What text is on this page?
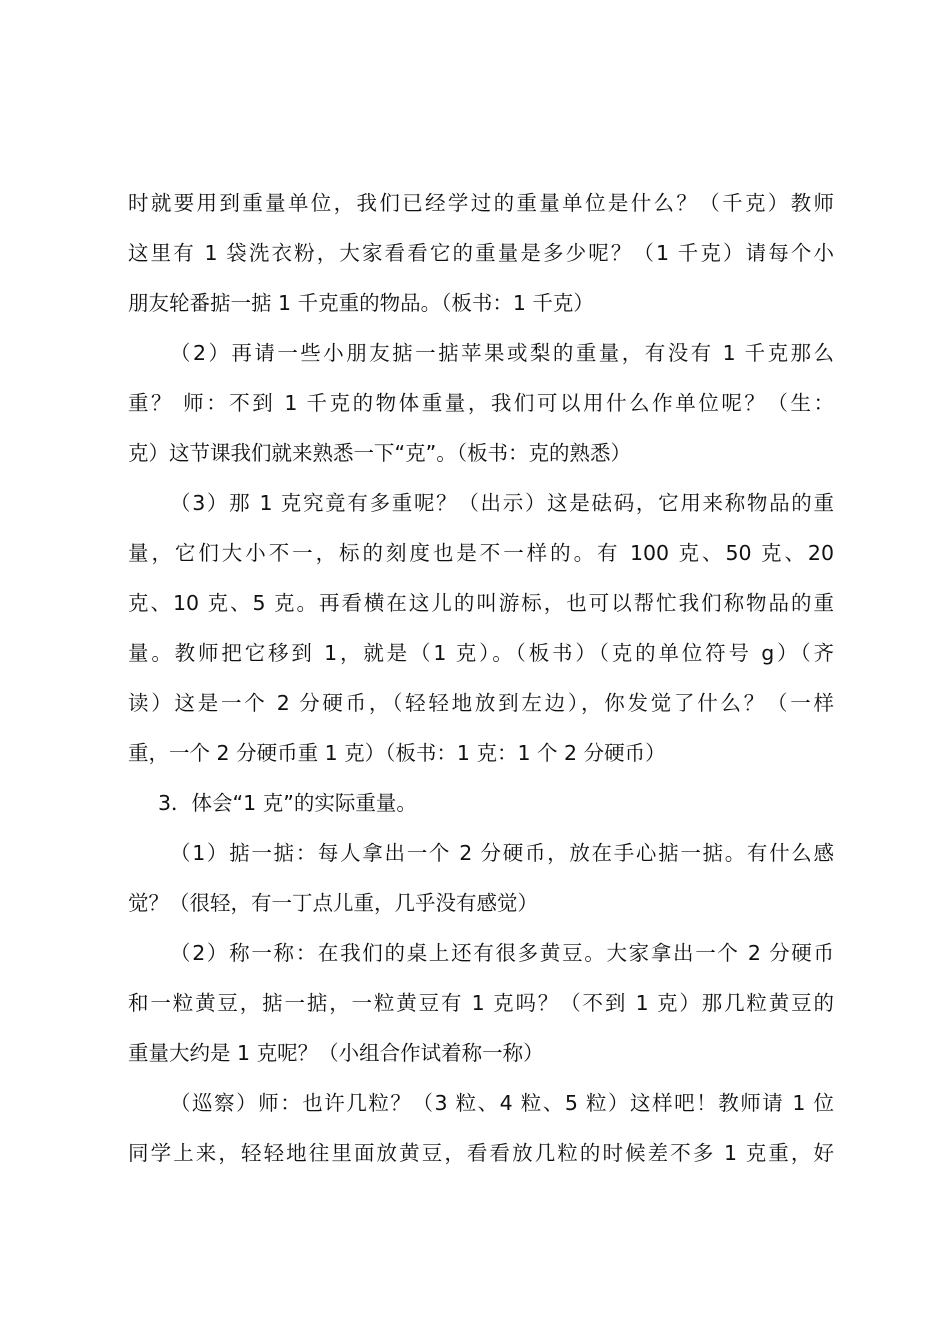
时就要用到重量单位，我们已经学过的重量单位是什么？（千克）教师
这里有 1 袋洗衣粉，大家看看它的重量是多少呢？（1 千克）请每个小
朋友轮番掂一掂 1 千克重的物品。（板书：1 千克）
（2）再请一些小朋友掂一掂苹果或梨的重量，有没有 1 千克那么
重？ 师：不到 1 千克的物体重量，我们可以用什么作单位呢？（生：
克）这节课我们就来熟悉一下“克”。（板书：克的熟悉）
（3）那 1 克究竟有多重呢？（出示）这是砝码，它用来称物品的重
量，它们大小不一，标的刻度也是不一样的。有 100 克、50 克、20
克、10 克、5 克。再看横在这儿的叫游标，也可以帮忙我们称物品的重
量。教师把它移到 1，就是（1 克）。（板书）（克的单位符号 g）（齐
读）这是一个 2 分硬币，（轻轻地放到左边），你发觉了什么？（一样
重，一个 2 分硬币重 1 克）（板书：1 克：1 个 2 分硬币）
3．体会“1 克”的实际重量。
（1）掂一掂：每人拿出一个 2 分硬币，放在手心掂一掂。有什么感
觉？（很轻，有一丁点儿重，几乎没有感觉）
（2）称一称：在我们的桌上还有很多黄豆。大家拿出一个 2 分硬币
和一粒黄豆，掂一掂，一粒黄豆有 1 克吗？（不到 1 克）那几粒黄豆的
重量大约是 1 克呢？（小组合作试着称一称）
（巡察）师：也许几粒？（3 粒、4 粒、5 粒）这样吧！教师请 1 位
同学上来，轻轻地往里面放黄豆，看看放几粒的时候差不多 1 克重，好
